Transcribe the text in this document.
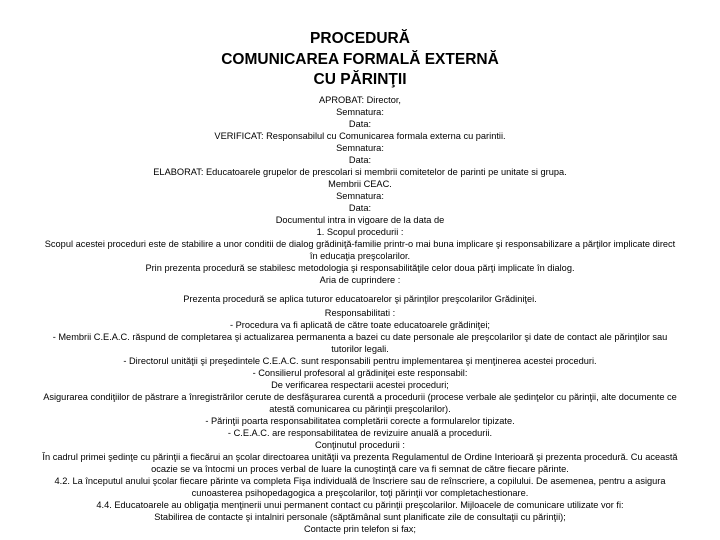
PROCEDURĂ
COMUNICAREA FORMALĂ EXTERNĂ
CU PĂRINŢII
APROBAT: Director,
Semnatura:
Data:
VERIFICAT: Responsabilul cu Comunicarea formala externa cu parintii.
Semnatura:
Data:
ELABORAT: Educatoarele grupelor de prescolari si membrii comitetelor de parinti pe unitate si grupa.
Membrii CEAC.
Semnatura:
Data:
Documentul intra in vigoare de la data de
1. Scopul procedurii :
Scopul acestei proceduri este de stabilire a unor conditii de dialog grădiniţă-familie printr-o mai buna implicare şi responsabilizare a părţilor implicate direct
în educaţia preşcolarilor.
Prin prezenta procedură se stabilesc metodologia şi responsabilităţile celor doua părţi implicate în dialog.
Aria de cuprindere :
Prezenta procedură se aplica tuturor educatoarelor şi părinţilor preşcolarilor Grădiniţei.
Responsabilitati :
- Procedura va fi aplicată de către toate educatoarele grădiniţei;
- Membrii C.E.A.C. răspund de completarea şi actualizarea permanenta a bazei cu date personale ale preşcolarilor şi date de contact ale părinţilor sau
tutorilor legali.
- Directorul unităţii şi preşedintele C.E.A.C. sunt responsabili pentru implementarea şi menţinerea acestei proceduri.
- Consilierul profesoral al grădiniţei este responsabil:
De verificarea respectarii acestei proceduri;
Asigurarea condiţiilor de păstrare a înregistrărilor cerute de desfăşurarea curentă a procedurii (procese verbale ale şedinţelor cu părinţii, alte documente ce
atestă comunicarea cu părinţii preşcolarilor).
- Părinţii poarta responsabilitatea completării corecte a formularelor tipizate.
- C.E.A.C. are responsabilitatea de revizuire anuală a procedurii.
Conţinutul procedurii :
În cadrul primei şedinţe cu părinţii a fiecărui an şcolar directoarea unităţii va prezenta Regulamentul de Ordine Interioară şi prezenta procedură. Cu această
ocazie se va întocmi un proces verbal de luare la cunoştinţă care va fi semnat de către fiecare părinte.
4.2. La începutul anului şcolar fiecare părinte va completa Fişa individuală de înscriere sau de reînscriere, a copilului. De asemenea, pentru a asigura
cunoasterea psihopedagogica a preşcolarilor, toţi părinţii vor completachestionare.
4.4. Educatoarele au obligaţia menţinerii unui permanent contact cu părinţii preşcolarilor. Mijloacele de comunicare utilizate vor fi:
Stabilirea de contacte şi intalniri personale (săptămânal sunt planificate zile de consultaţii cu părinţii);
Contacte prin telefon si fax;
